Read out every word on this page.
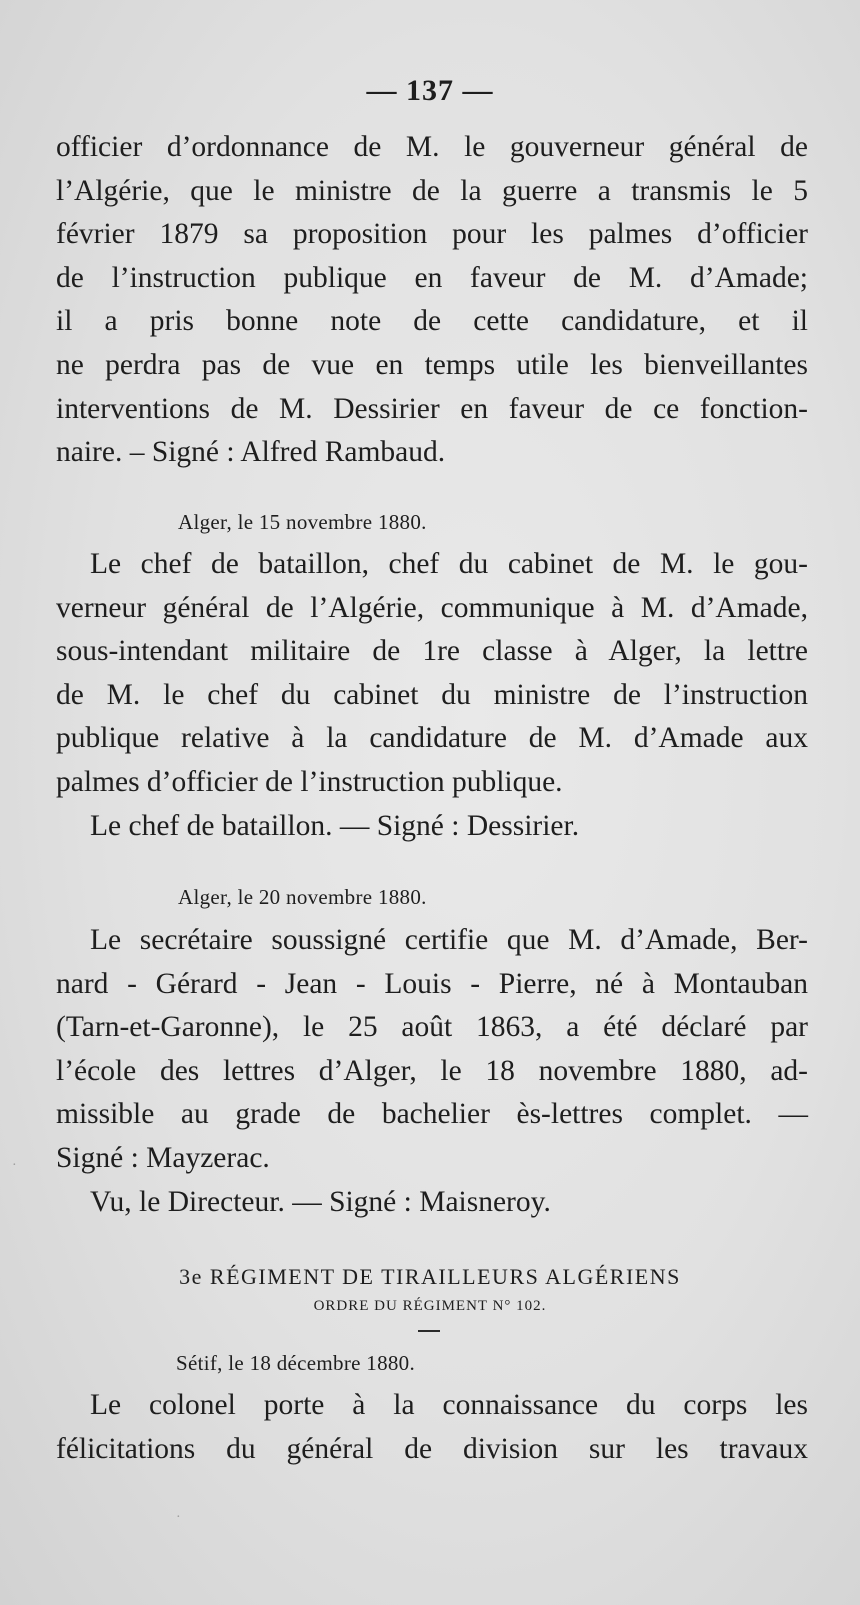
— 137 —
officier d’ordonnance de M. le gouverneur général de
l’Algérie, que le ministre de la guerre a transmis le 5
février 1879 sa proposition pour les palmes d’officier
de l’instruction publique en faveur de M. d’Amade;
il a pris bonne note de cette candidature, et il
ne perdra pas de vue en temps utile les bienveillantes
interventions de M. Dessirier en faveur de ce fonction-
naire. – Signé : Alfred Rambaud.
Alger, le 15 novembre 1880.
Le chef de bataillon, chef du cabinet de M. le gou-
verneur général de l’Algérie, communique à M. d’Amade,
sous-intendant militaire de 1re classe à Alger, la lettre
de M. le chef du cabinet du ministre de l’instruction
publique relative à la candidature de M. d’Amade aux
palmes d’officier de l’instruction publique.
Le chef de bataillon. — Signé : Dessirier.
Alger, le 20 novembre 1880.
Le secrétaire soussigné certifie que M. d’Amade, Ber-
nard - Gérard - Jean - Louis - Pierre, né à Montauban
(Tarn-et-Garonne), le 25 août 1863, a été déclaré par
l’école des lettres d’Alger, le 18 novembre 1880, ad-
missible au grade de bachelier ès-lettres complet. —
Signé : Mayzerac.
Vu, le Directeur. — Signé : Maisneroy.
3e RÉGIMENT DE TIRAILLEURS ALGÉRIENS
ORDRE DU RÉGIMENT N° 102.
Sétif, le 18 décembre 1880.
Le colonel porte à la connaissance du corps les
félicitations du général de division sur les travaux
·
·
